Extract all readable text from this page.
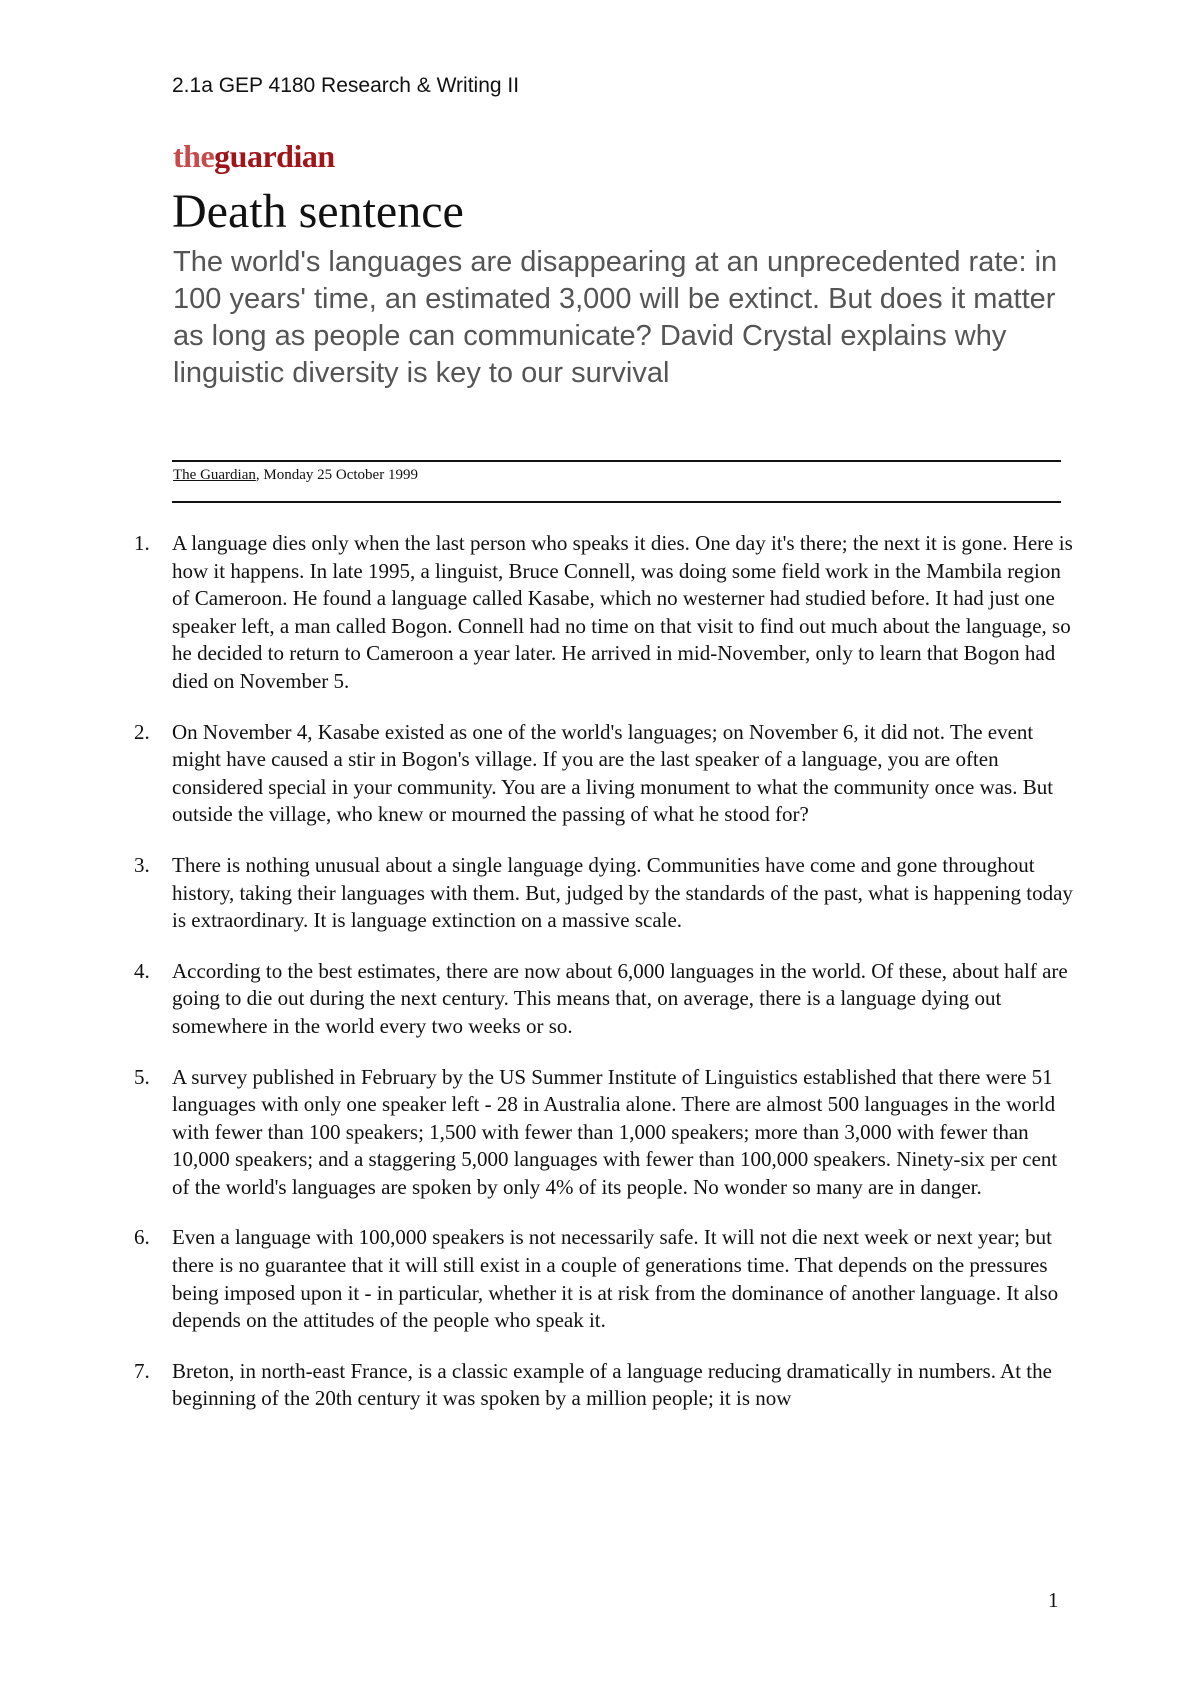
2.1a GEP 4180 Research & Writing II
theguardian
Death sentence

The world's languages are disappearing at an unprecedented rate: in 100 years' time, an estimated 3,000 will be extinct. But does it matter as long as people can communicate? David Crystal explains why linguistic diversity is key to our survival

The Guardian, Monday 25 October 1999
1. A language dies only when the last person who speaks it dies. One day it's there; the next it is gone. Here is how it happens. In late 1995, a linguist, Bruce Connell, was doing some field work in the Mambila region of Cameroon. He found a language called Kasabe, which no westerner had studied before. It had just one speaker left, a man called Bogon. Connell had no time on that visit to find out much about the language, so he decided to return to Cameroon a year later. He arrived in mid-November, only to learn that Bogon had died on November 5.
2. On November 4, Kasabe existed as one of the world's languages; on November 6, it did not. The event might have caused a stir in Bogon's village. If you are the last speaker of a language, you are often considered special in your community. You are a living monument to what the community once was. But outside the village, who knew or mourned the passing of what he stood for?
3. There is nothing unusual about a single language dying. Communities have come and gone throughout history, taking their languages with them. But, judged by the standards of the past, what is happening today is extraordinary. It is language extinction on a massive scale.
4. According to the best estimates, there are now about 6,000 languages in the world. Of these, about half are going to die out during the next century. This means that, on average, there is a language dying out somewhere in the world every two weeks or so.
5. A survey published in February by the US Summer Institute of Linguistics established that there were 51 languages with only one speaker left - 28 in Australia alone. There are almost 500 languages in the world with fewer than 100 speakers; 1,500 with fewer than 1,000 speakers; more than 3,000 with fewer than 10,000 speakers; and a staggering 5,000 languages with fewer than 100,000 speakers. Ninety-six per cent of the world's languages are spoken by only 4% of its people. No wonder so many are in danger.
6. Even a language with 100,000 speakers is not necessarily safe. It will not die next week or next year; but there is no guarantee that it will still exist in a couple of generations time. That depends on the pressures being imposed upon it - in particular, whether it is at risk from the dominance of another language. It also depends on the attitudes of the people who speak it.
7. Breton, in north-east France, is a classic example of a language reducing dramatically in numbers. At the beginning of the 20th century it was spoken by a million people; it is now
1
